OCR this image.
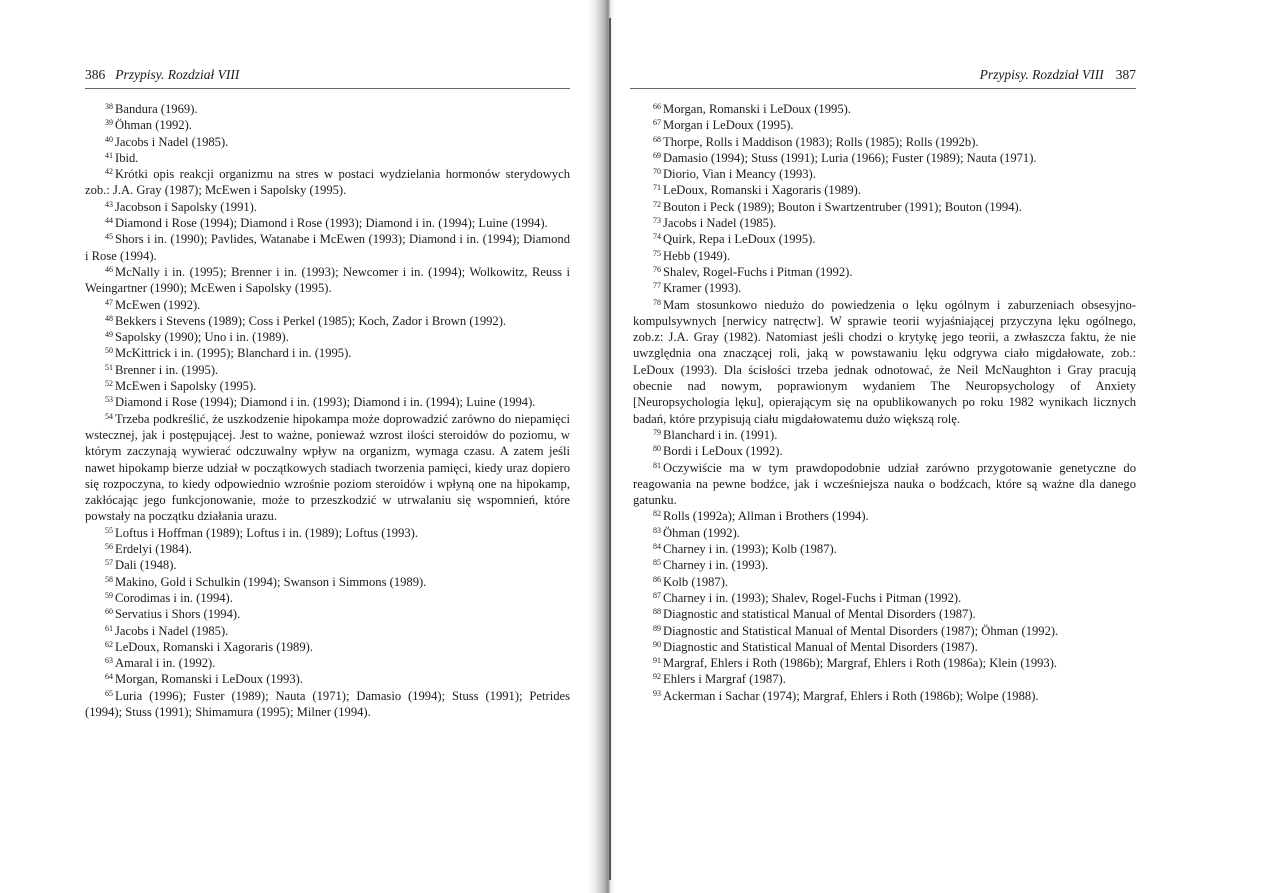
386 Przypisy. Rozdział VIII

$^{38}$ Bandura (1969).

$^{39}$ Öhman (1992).

$^{40}$ Jacobs i Nadel (1985).

$^{41}$ Ibid.

$^{42}$ Krótki opis reakcji organizmu na stres w postaci wydzielania hormonów sterydowych zob.: J.A. Gray (1987); McEwen i Sapolsky (1995).

$^{43}$ Jacobson i Sapolsky (1991).

$^{44}$ Diamond i Rose (1994); Diamond i Rose (1993); Diamond i in. (1994); Luine (1994).

$^{45}$ Shors i in. (1990); Pavlides, Watanabe i McEwen (1993); Diamond i in. (1994); Diamond i Rose (1994).

$^{46}$ McNally i in. (1995); Brenner i in. (1993); Newcomer i in. (1994); Wolkowitz, Reuss i Weingartner (1990); McEwen i Sapolsky (1995).

$^{47}$ McEwen (1992).

$^{48}$ Bekkers i Stevens (1989); Coss i Perkel (1985); Koch, Zador i Brown (1992).

$^{49}$ Sapolsky (1990); Uno i in. (1989).

$^{50}$ McKittrick i in. (1995); Blanchard i in. (1995).

$^{51}$ Brenner i in. (1995).

$^{52}$ McEwen i Sapolsky (1995).

$^{53}$ Diamond i Rose (1994); Diamond i in. (1993); Diamond i in. (1994); Luine (1994).

$^{54}$ Trzeba podkreślić, że uszkodzenie hipokampa może doprowadzić zarówno do niepamięci wstecznej, jak i postępującej. Jest to ważne, ponieważ wzrost ilości steroidów do poziomu, w którym zaczynają wywierać odczuwalny wpływ na organizm, wymaga czasu. A zatem jeśli nawet hipokamp bierze udział w początkowych stadiach tworzenia pamięci, kiedy uraz dopiero się rozpoczyna, to kiedy odpowiednio wzrośnie poziom steroidów i wpłyną one na hipokamp, zakłócając jego funkcjonowanie, może to przeszkodzić w utrwalaniu się wspomnień, które powstały na początku działania urazu.

$^{55}$ Loftus i Hoffman (1989); Loftus i in. (1989); Loftus (1993).

$^{56}$ Erdelyi (1984).

$^{57}$ Dali (1948).

$^{58}$ Makino, Gold i Schulkin (1994); Swanson i Simmons (1989).

$^{59}$ Corodimas i in. (1994).

$^{60}$ Servatius i Shors (1994).

$^{61}$ Jacobs i Nadel (1985).

$^{62}$ LeDoux, Romanski i Xagoraris (1989).

$^{63}$ Amaral i in. (1992).

$^{64}$ Morgan, Romanski i LeDoux (1993).

$^{65}$ Luria (1996); Fuster (1989); Nauta (1971); Damasio (1994); Stuss (1991); Petrides (1994); Stuss (1991); Shimamura (1995); Milner (1994).

Przypisy. Rozdział VIII 387

$^{66}$ Morgan, Romanski i LeDoux (1995).

$^{67}$ Morgan i LeDoux (1995).

$^{68}$ Thorpe, Rolls i Maddison (1983); Rolls (1985); Rolls (1992b).

$^{69}$ Damasio (1994); Stuss (1991); Luria (1966); Fuster (1989); Nauta (1971).

$^{70}$ Diorio, Vian i Meancy (1993).

$^{71}$ LeDoux, Romanski i Xagoraris (1989).

$^{72}$ Bouton i Peck (1989); Bouton i Swartzentruber (1991); Bouton (1994).

$^{73}$ Jacobs i Nadel (1985).

$^{74}$ Quirk, Repa i LeDoux (1995).

$^{75}$ Hebb (1949).

$^{76}$ Shalev, Rogel-Fuchs i Pitman (1992).

$^{77}$ Kramer (1993).

$^{78}$ Mam stosunkowo niedużo do powiedzenia o lęku ogólnym i zaburzeniach obsesyjno-kompulsywnych [nerwicy natręctw]. W sprawie teorii wyjaśniającej przyczyna lęku ogólnego, zob.z: J.A. Gray (1982). Natomiast jeśli chodzi o krytykę jego teorii, a zwłaszcza faktu, że nie uwzględnia ona znaczącej roli, jaką w powstawaniu lęku odgrywa ciało migdałowate, zob.: LeDoux (1993). Dla ścisłości trzeba jednak odnotować, że Neil McNaughton i Gray pracują obecnie nad nowym, poprawionym wydaniem The Neuropsychology of Anxiety [Neuropsychologia lęku], opierającym się na opublikowanych po roku 1982 wynikach licznych badań, które przypisują ciału migdałowatemu dużo większą rolę.

$^{79}$ Blanchard i in. (1991).

$^{80}$ Bordi i LeDoux (1992).

$^{81}$ Oczywiście ma w tym prawdopodobnie udział zarówno przygotowanie genetyczne do reagowania na pewne bodźce, jak i wcześniejsza nauka o bodźcach, które są ważne dla danego gatunku.

$^{82}$ Rolls (1992a); Allman i Brothers (1994).

$^{83}$ Öhman (1992).

$^{84}$ Charney i in. (1993); Kolb (1987).

$^{85}$ Charney i in. (1993).

$^{86}$ Kolb (1987).

$^{87}$ Charney i in. (1993); Shalev, Rogel-Fuchs i Pitman (1992).

$^{88}$ Diagnostic and statistical Manual of Mental Disorders (1987).

$^{89}$ Diagnostic and Statistical Manual of Mental Disorders (1987); Öhman (1992).

$^{90}$ Diagnostic and Statistical Manual of Mental Disorders (1987).

$^{91}$ Margraf, Ehlers i Roth (1986b); Margraf, Ehlers i Roth (1986a); Klein (1993).

$^{92}$ Ehlers i Margraf (1987).

$^{93}$ Ackerman i Sachar (1974); Margraf, Ehlers i Roth (1986b); Wolpe (1988).
